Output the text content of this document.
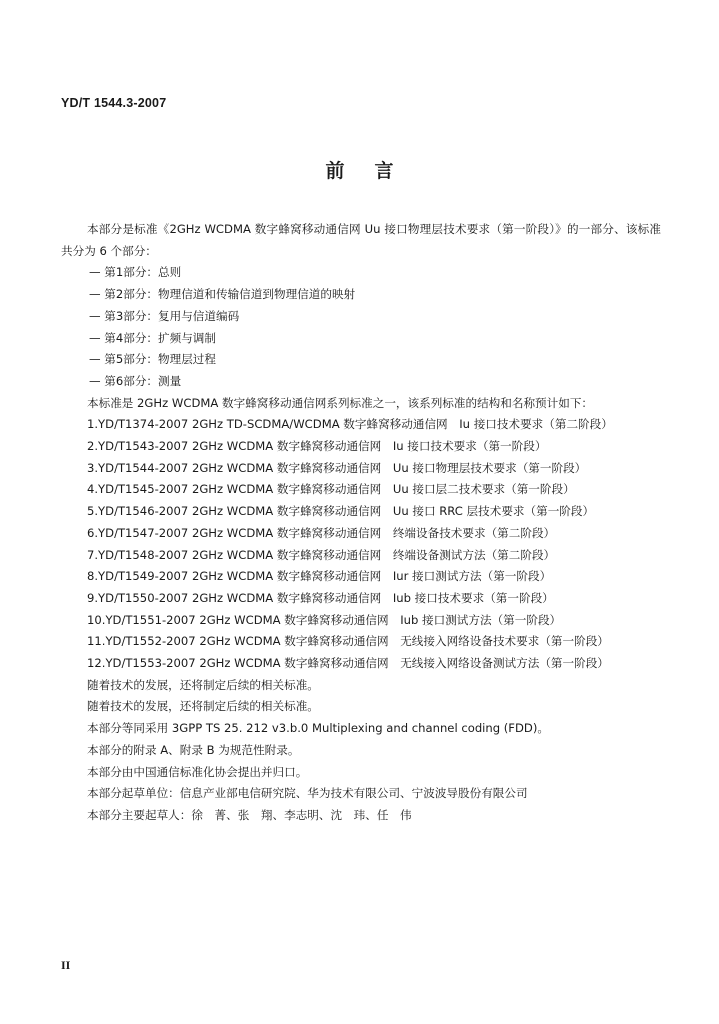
YD/T 1544.3-2007
前言

本部分是标准《2GHz WCDMA 数字蜂窝移动通信网 Uu 接口物理层技术要求（第一阶段）》的一部分、该标准共分为 6 个部分：

— 第1部分：总则

— 第2部分：物理信道和传输信道到物理信道的映射

— 第3部分：复用与信道编码

— 第4部分：扩频与调制

— 第5部分：物理层过程

— 第6部分：测量

本标准是 2GHz WCDMA 数字蜂窝移动通信网系列标准之一，该系列标准的结构和名称预计如下：

1.YD/T1374-2007 2GHz TD-SCDMA/WCDMA 数字蜂窝移动通信网　Iu 接口技术要求（第二阶段）

2.YD/T1543-2007 2GHz WCDMA 数字蜂窝移动通信网　Iu 接口技术要求（第一阶段）

3.YD/T1544-2007 2GHz WCDMA 数字蜂窝移动通信网　Uu 接口物理层技术要求（第一阶段）

4.YD/T1545-2007 2GHz WCDMA 数字蜂窝移动通信网　Uu 接口层二技术要求（第一阶段）

5.YD/T1546-2007 2GHz WCDMA 数字蜂窝移动通信网　Uu 接口 RRC 层技术要求（第一阶段）

6.YD/T1547-2007 2GHz WCDMA 数字蜂窝移动通信网　终端设备技术要求（第二阶段）

7.YD/T1548-2007 2GHz WCDMA 数字蜂窝移动通信网　终端设备测试方法（第二阶段）

8.YD/T1549-2007 2GHz WCDMA 数字蜂窝移动通信网　Iur 接口测试方法（第一阶段）

9.YD/T1550-2007 2GHz WCDMA 数字蜂窝移动通信网　Iub 接口技术要求（第一阶段）

10.YD/T1551-2007 2GHz WCDMA 数字蜂窝移动通信网　Iub 接口测试方法（第一阶段）

11.YD/T1552-2007 2GHz WCDMA 数字蜂窝移动通信网　无线接入网络设备技术要求（第一阶段）

12.YD/T1553-2007 2GHz WCDMA 数字蜂窝移动通信网　无线接入网络设备测试方法（第一阶段）

随着技术的发展，还将制定后续的相关标准。

随着技术的发展，还将制定后续的相关标准。

本部分等同采用 3GPP TS 25. 212 v3.b.0 Multiplexing and channel coding (FDD)。

本部分的附录 A、附录 B 为规范性附录。

本部分由中国通信标准化协会提出并归口。

本部分起草单位：信息产业部电信研究院、华为技术有限公司、宁波波导股份有限公司

本部分主要起草人：徐　菁、张　翔、李志明、沈　玮、任　伟

II
